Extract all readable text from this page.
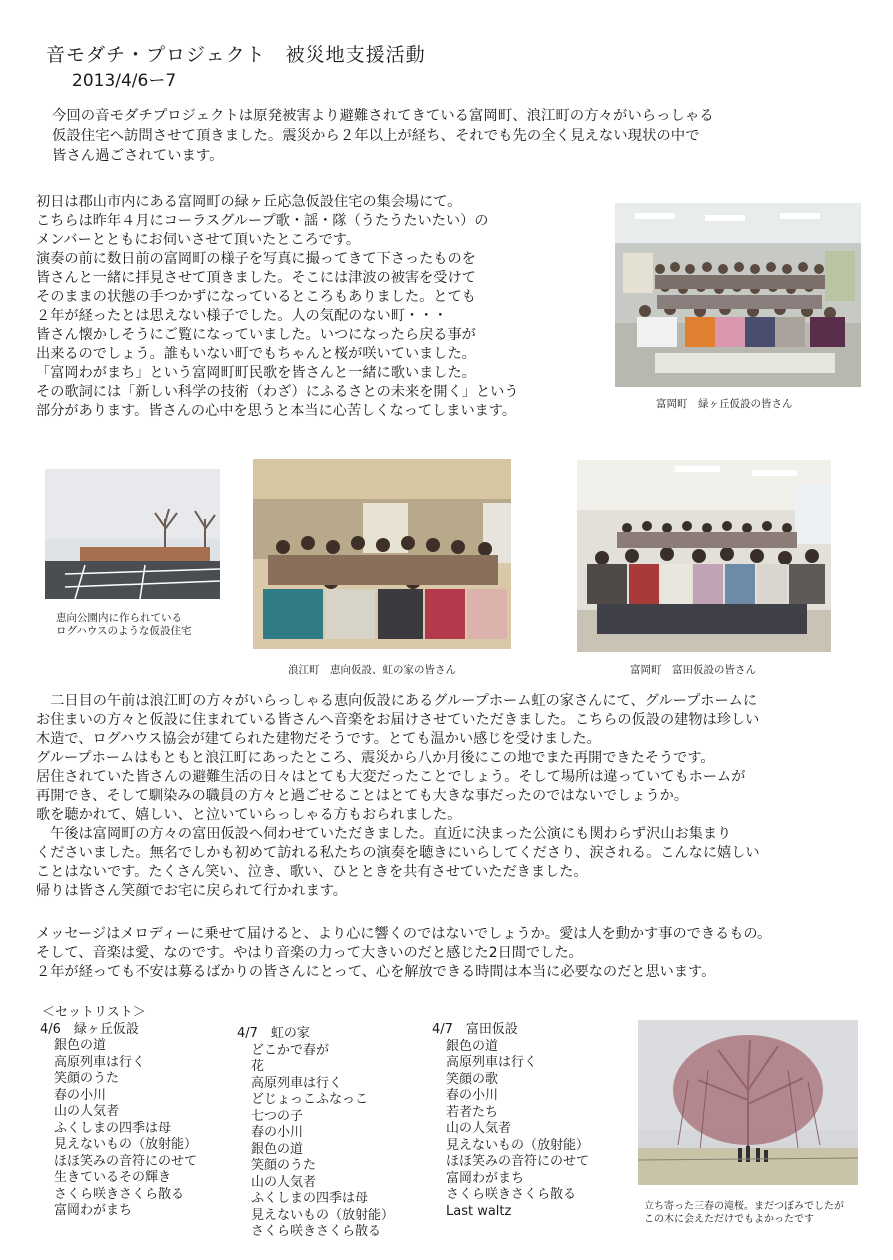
音モダチ・プロジェクト　被災地支援活動
2013/4/6ー7
今回の音モダチプロジェクトは原発被害より避難されてきている富岡町、浪江町の方々がいらっしゃる
仮設住宅へ訪問させて頂きました。震災から２年以上が経ち、それでも先の全く見えない現状の中で
皆さん過ごされています。
初日は郡山市内にある富岡町の緑ヶ丘応急仮設住宅の集会場にて。
こちらは昨年４月にコーラスグループ歌・謡・隊（うたうたいたい）の
メンバーとともにお伺いさせて頂いたところです。
演奏の前に数日前の富岡町の様子を写真に撮ってきて下さったものを
皆さんと一緒に拝見させて頂きました。そこには津波の被害を受けて
そのままの状態の手つかずになっているところもありました。とても
２年が経ったとは思えない様子でした。人の気配のない町・・・
皆さん懐かしそうにご覧になっていました。いつになったら戻る事が
出来るのでしょう。誰もいない町でもちゃんと桜が咲いていました。
「富岡わがまち」という富岡町町民歌を皆さんと一緒に歌いました。
その歌詞には「新しい科学の技術（わざ）にふるさとの未来を開く」という
部分があります。皆さんの心中を思うと本当に心苦しくなってしまいます。	富岡町　緑ヶ丘仮設の皆さん
恵向公園内に作られている
ログハウスのような仮設住宅
浪江町　恵向仮設、虹の家の皆さん	富岡町　富田仮設の皆さん
　二日目の午前は浪江町の方々がいらっしゃる恵向仮設にあるグループホーム虹の家さんにて、グループホームに
お住まいの方々と仮設に住まれている皆さんへ音楽をお届けさせていただきました。こちらの仮設の建物は珍しい
木造で、ログハウス協会が建てられた建物だそうです。とても温かい感じを受けました。
グループホームはもともと浪江町にあったところ、震災から八か月後にこの地でまた再開できたそうです。
居住されていた皆さんの避難生活の日々はとても大変だったことでしょう。そして場所は違っていてもホームが
再開でき、そして馴染みの職員の方々と過ごせることはとても大きな事だったのではないでしょうか。
歌を聴かれて、嬉しい、と泣いていらっしゃる方もおられました。
　午後は富岡町の方々の富田仮設へ伺わせていただきました。直近に決まった公演にも関わらず沢山お集まり
くださいました。無名でしかも初めて訪れる私たちの演奏を聴きにいらしてくださり、涙される。こんなに嬉しい
ことはないです。たくさん笑い、泣き、歌い、ひとときを共有させていただきました。
帰りは皆さん笑顔でお宅に戻られて行かれます。
メッセージはメロディーに乗せて届けると、より心に響くのではないでしょうか。愛は人を動かす事のできるもの。
そして、音楽は愛、なのです。やはり音楽の力って大きいのだと感じた2日間でした。
２年が経っても不安は募るばかりの皆さんにとって、心を解放できる時間は本当に必要なのだと思います。
＜セットリスト＞
4/6　緑ヶ丘仮設
銀色の道
高原列車は行く
笑顔のうた
春の小川
山の人気者
ふくしまの四季は母
見えないもの（放射能）
ほほ笑みの音符にのせて
生きているその輝き
さくら咲きさくら散る
富岡わがまち
4/7　虹の家
どこかで春が
花
高原列車は行く
どじょっこふなっこ
七つの子
春の小川
銀色の道
笑顔のうた
山の人気者
ふくしまの四季は母
見えないもの（放射能）
さくら咲きさくら散る
4/7　富田仮設
銀色の道
高原列車は行く
笑顔の歌
春の小川
若者たち
山の人気者
見えないもの（放射能）
ほほ笑みの音符にのせて
富岡わがまち
さくら咲きさくら散る
Last waltz	立ち寄った三春の滝桜。まだつぼみでしたが
この木に会えただけでもよかったです
